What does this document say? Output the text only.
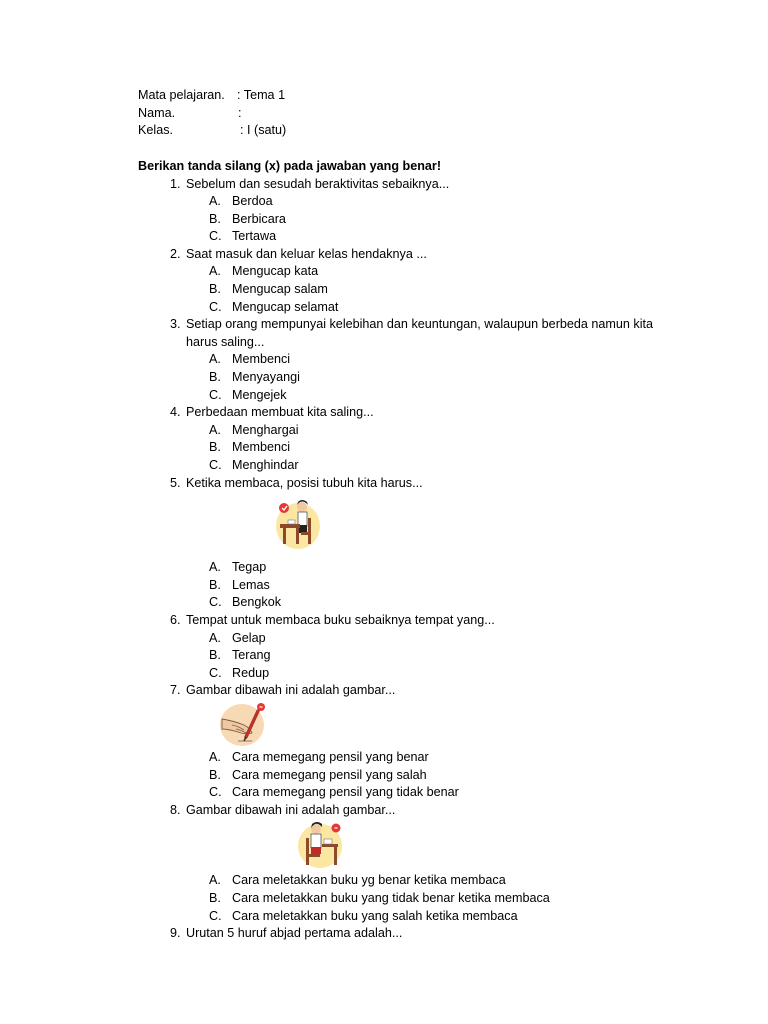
Mata pelajaran. : Tema 1
Nama.	:
Kelas.	: I (satu)
Berikan tanda silang (x) pada jawaban yang benar!
1. Sebelum dan sesudah beraktivitas sebaiknya...
A. Berdoa
B. Berbicara
C. Tertawa
2. Saat masuk dan keluar kelas hendaknya ...
A. Mengucap kata
B. Mengucap salam
C. Mengucap selamat
3. Setiap orang mempunyai kelebihan dan keuntungan, walaupun berbeda namun kita
harus saling...
A. Membenci
B. Menyayangi
C. Mengejek
4. Perbedaan membuat kita saling...
A. Menghargai
B. Membenci
C. Menghindar
5. Ketika membaca, posisi tubuh kita harus...
A. Tegap
B. Lemas
C. Bengkok
6. Tempat untuk membaca buku sebaiknya tempat yang...
A. Gelap
B. Terang
C. Redup
7. Gambar dibawah ini adalah gambar...
A. Cara memegang pensil yang benar
B. Cara memegang pensil yang salah
C. Cara memegang pensil yang tidak benar
8. Gambar dibawah ini adalah gambar...
A. Cara meletakkan buku yg benar ketika membaca
B. Cara meletakkan buku yang tidak benar ketika membaca
C. Cara meletakkan buku yang salah ketika membaca
9. Urutan 5 huruf abjad pertama adalah...
